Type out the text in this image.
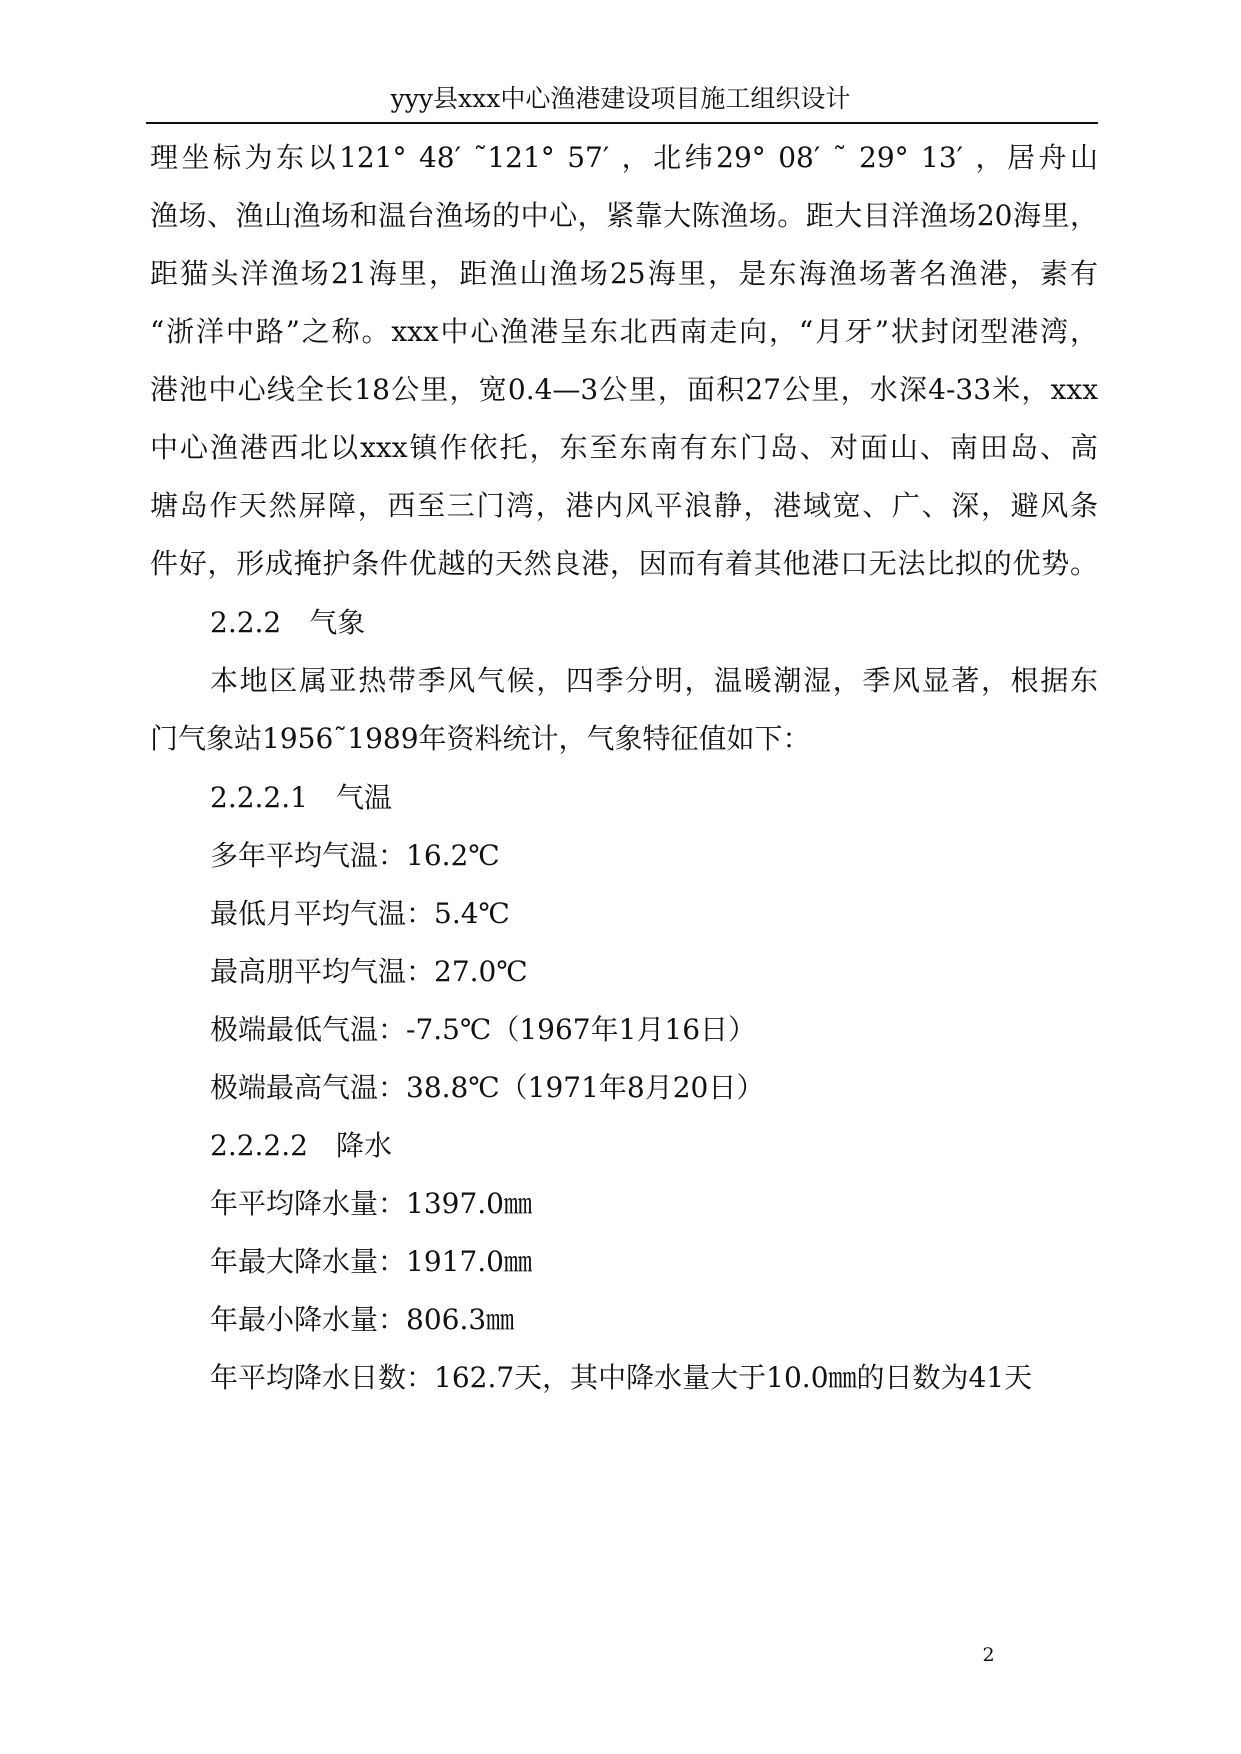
yyy县xxx中心渔港建设项目施工组织设计
理坐标为东以121° 48′ ˜121° 57′ ，北纬29° 08′ ˜ 29° 13′ ，居舟山
渔场、渔山渔场和温台渔场的中心，紧靠大陈渔场。距大目洋渔场20海里，
距猫头洋渔场21海里，距渔山渔场25海里，是东海渔场著名渔港，素有
“浙洋中路”之称。xxx中心渔港呈东北西南走向，“月牙”状封闭型港湾，
港池中心线全长18公里，宽0.4—3公里，面积27公里，水深4-33米，xxx
中心渔港西北以xxx镇作依托，东至东南有东门岛、对面山、南田岛、高
塘岛作天然屏障，西至三门湾，港内风平浪静，港域宽、广、深，避风条
件好，形成掩护条件优越的天然良港，因而有着其他港口无法比拟的优势。
2.2.2　气象
本地区属亚热带季风气候，四季分明，温暖潮湿，季风显著，根据东
门气象站1956˜1989年资料统计，气象特征值如下：
2.2.2.1　气温
多年平均气温：16.2℃
最低月平均气温：5.4℃
最高朋平均气温：27.0℃
极端最低气温：-7.5℃（1967年1月16日）
极端最高气温：38.8℃（1971年8月20日）
2.2.2.2　降水
年平均降水量：1397.0㎜
年最大降水量：1917.0㎜
年最小降水量：806.3㎜
年平均降水日数：162.7天，其中降水量大于10.0㎜的日数为41天
2
